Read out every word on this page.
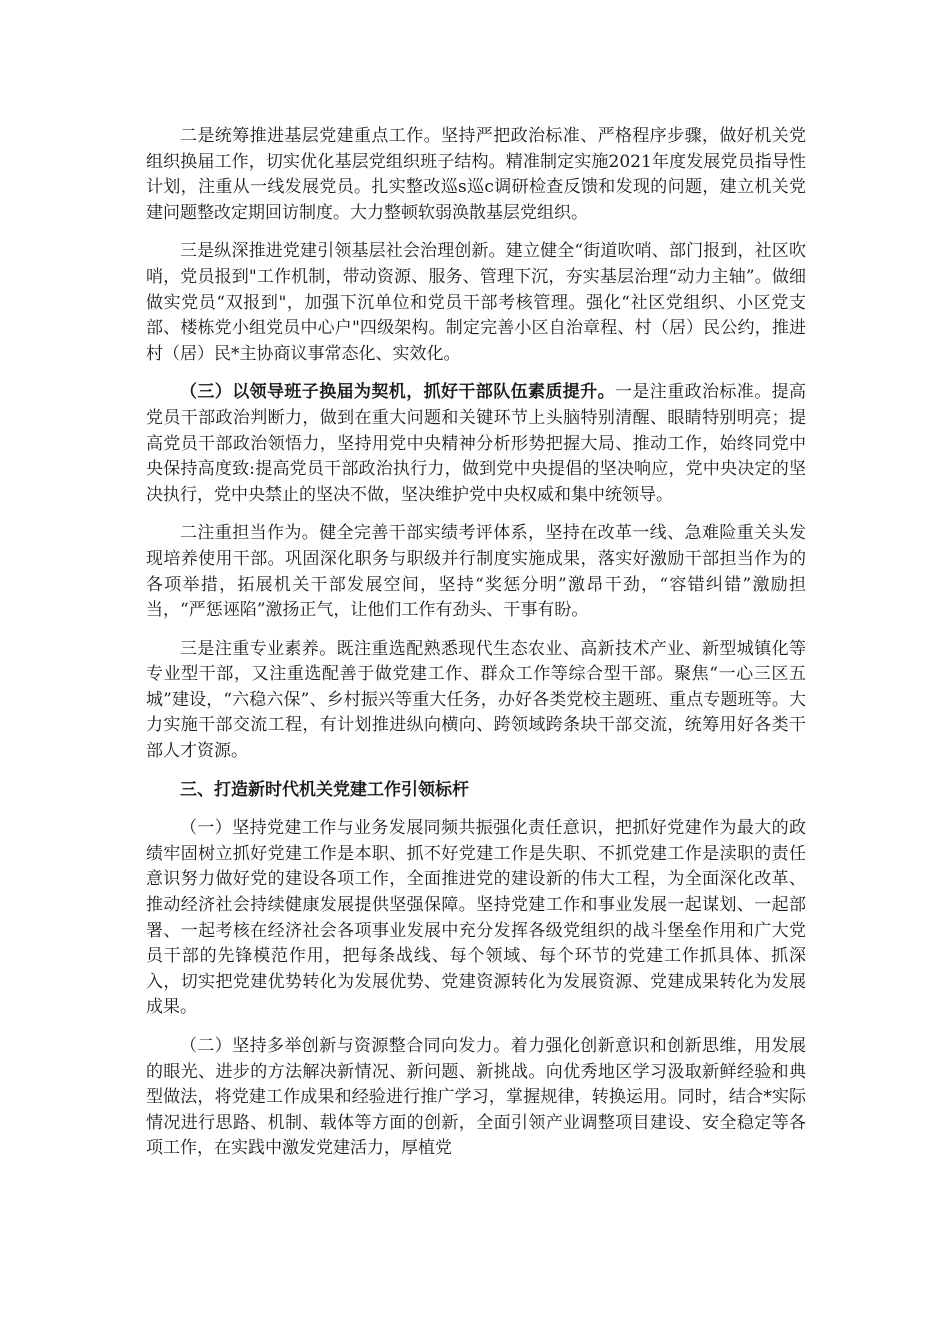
二是统筹推进基层党建重点工作。坚持严把政治标准、严格程序步骤，做好机关党组织换届工作，切实优化基层党组织班子结构。精准制定实施2021年度发展党员指导性计划，注重从一线发展党员。扎实整改巡s巡c调研检查反馈和发现的问题，建立机关党建问题整改定期回访制度。大力整顿软弱涣散基层党组织。

三是纵深推进党建引领基层社会治理创新。建立健全“街道吹哨、部门报到，社区吹哨，党员报到"工作机制，带动资源、服务、管理下沉，夯实基层治理“动力主轴”。做细做实党员“双报到"，加强下沉单位和党员干部考核管理。强化“社区党组织、小区党支部、楼栋党小组党员中心户"四级架构。制定完善小区自治章程、村（居）民公约，推进村（居）民*主协商议事常态化、实效化。

（三）以领导班子换届为契机，抓好干部队伍素质提升。一是注重政治标准。提高党员干部政治判断力，做到在重大问题和关键环节上头脑特别清醒、眼睛特别明亮；提高党员干部政治领悟力，坚持用党中央精神分析形势把握大局、推动工作，始终同党中央保持高度致:提高党员干部政治执行力，做到党中央提倡的坚决响应，党中央决定的坚决执行，党中央禁止的坚决不做，坚决维护党中央权威和集中统领导。

二注重担当作为。健全完善干部实绩考评体系，坚持在改革一线、急难险重关头发现培养使用干部。巩固深化职务与职级并行制度实施成果，落实好激励干部担当作为的各项举措，拓展机关干部发展空间，坚持“奖惩分明”激昂干劲，“容错纠错”激励担当，“严惩诬陷”激扬正气，让他们工作有劲头、干事有盼。

三是注重专业素养。既注重选配熟悉现代生态农业、高新技术产业、新型城镇化等专业型干部，又注重选配善于做党建工作、群众工作等综合型干部。聚焦“一心三区五城”建设，“六稳六保”、乡村振兴等重大任务，办好各类党校主题班、重点专题班等。大力实施干部交流工程，有计划推进纵向横向、跨领域跨条块干部交流，统筹用好各类干部人才资源。

三、打造新时代机关党建工作引领标杆

（一）坚持党建工作与业务发展同频共振强化责任意识，把抓好党建作为最大的政绩牢固树立抓好党建工作是本职、抓不好党建工作是失职、不抓党建工作是渎职的责任意识努力做好党的建设各项工作，全面推进党的建设新的伟大工程，为全面深化改革、推动经济社会持续健康发展提供坚强保障。坚持党建工作和事业发展一起谋划、一起部署、一起考核在经济社会各项事业发展中充分发挥各级党组织的战斗堡垒作用和广大党员干部的先锋模范作用，把每条战线、每个领域、每个环节的党建工作抓具体、抓深入，切实把党建优势转化为发展优势、党建资源转化为发展资源、党建成果转化为发展成果。

（二）坚持多举创新与资源整合同向发力。着力强化创新意识和创新思维，用发展的眼光、进步的方法解决新情况、新问题、新挑战。向优秀地区学习汲取新鲜经验和典型做法，将党建工作成果和经验进行推广学习，掌握规律，转换运用。同时，结合*实际情况进行思路、机制、载体等方面的创新，全面引领产业调整项目建设、安全稳定等各项工作，在实践中激发党建活力，厚植党
